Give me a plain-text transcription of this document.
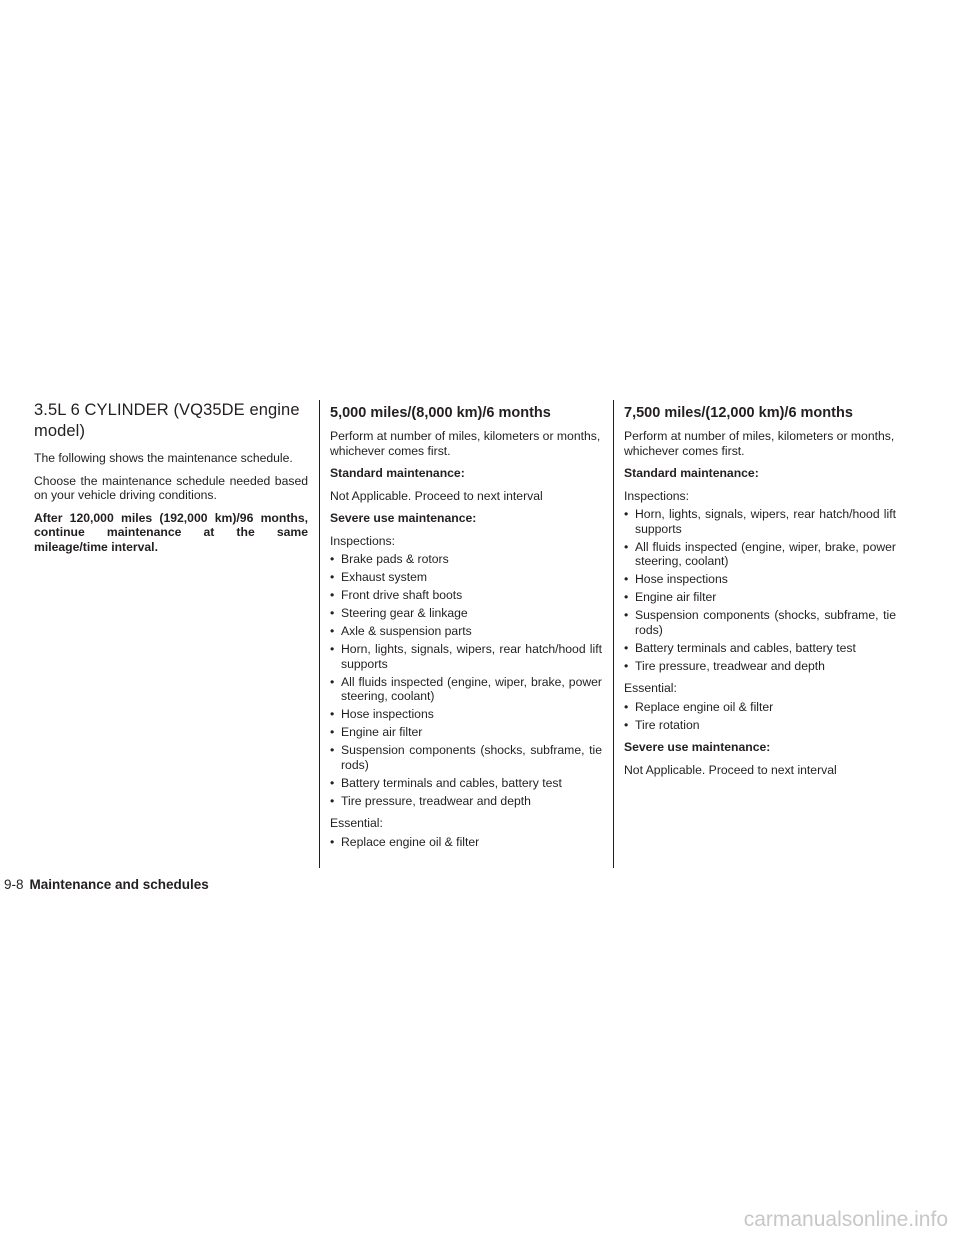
3.5L 6 CYLINDER (VQ35DE engine model)

The following shows the maintenance schedule.

Choose the maintenance schedule needed based on your vehicle driving conditions.

After 120,000 miles (192,000 km)/96 months, continue maintenance at the same mileage/time interval.

5,000 miles/(8,000 km)/6 months

Perform at number of miles, kilometers or months, whichever comes first.

Standard maintenance:

Not Applicable. Proceed to next interval

Severe use maintenance:

Inspections:

• Brake pads & rotors
• Exhaust system
• Front drive shaft boots
• Steering gear & linkage
• Axle & suspension parts
• Horn, lights, signals, wipers, rear hatch/hood lift supports
• All fluids inspected (engine, wiper, brake, power steering, coolant)
• Hose inspections
• Engine air filter
• Suspension components (shocks, subframe, tie rods)
• Battery terminals and cables, battery test
• Tire pressure, treadwear and depth

Essential:

• Replace engine oil & filter
7,500 miles/(12,000 km)/6 months

Perform at number of miles, kilometers or months, whichever comes first.

Standard maintenance:

Inspections:

• Horn, lights, signals, wipers, rear hatch/hood lift supports
• All fluids inspected (engine, wiper, brake, power steering, coolant)
• Hose inspections
• Engine air filter
• Suspension components (shocks, subframe, tie rods)
• Battery terminals and cables, battery test
• Tire pressure, treadwear and depth

Essential:

• Replace engine oil & filter
• Tire rotation

Severe use maintenance:

Not Applicable. Proceed to next interval

9-8 Maintenance and schedules
carmanualsonline.info
